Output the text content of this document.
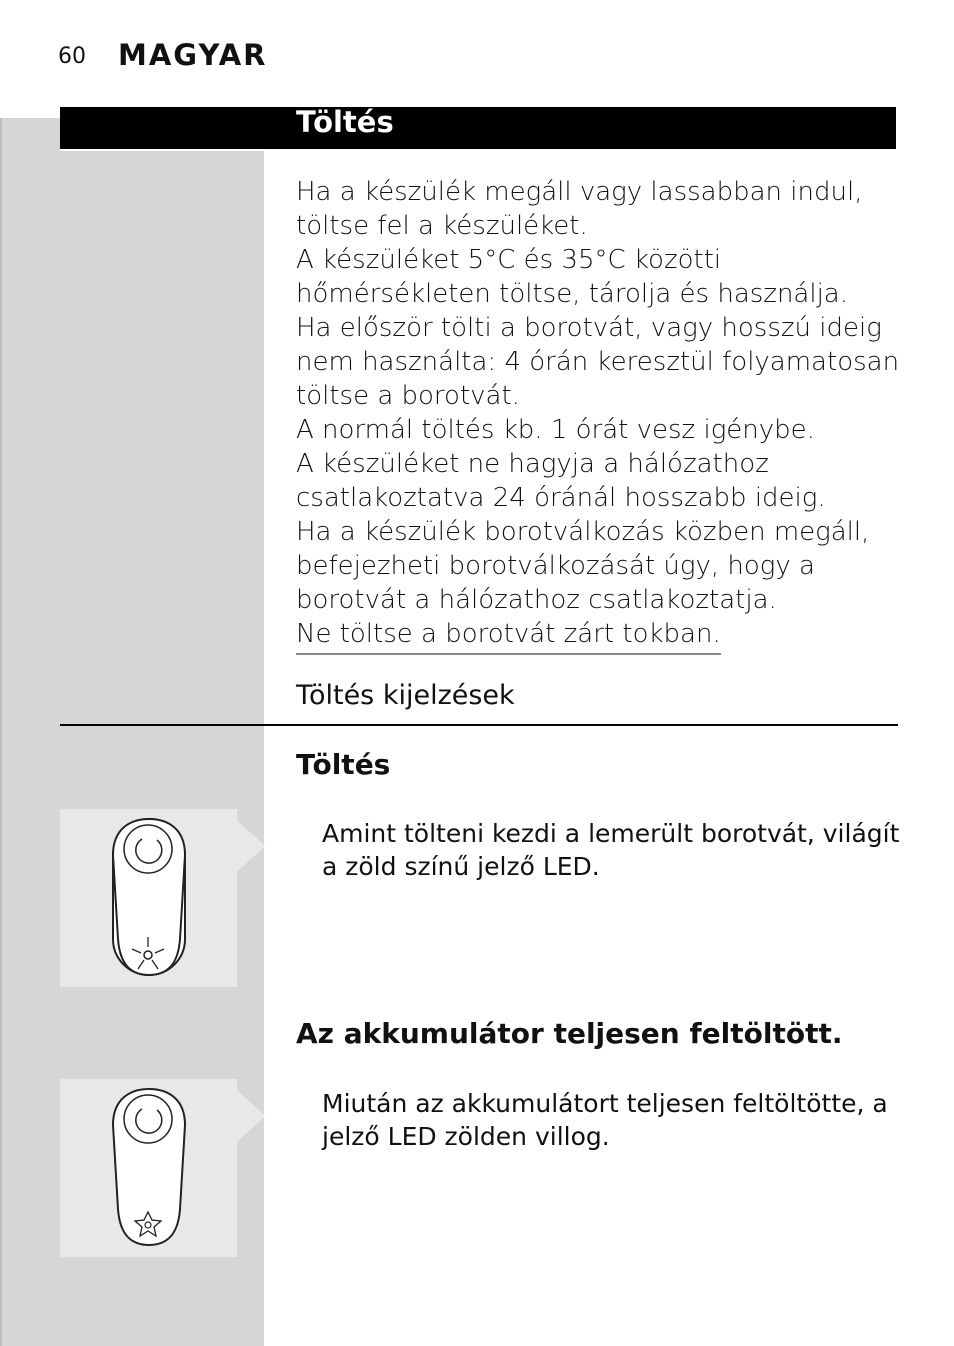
60 MAGYAR
Töltés

Ha a készülék megáll vagy lassabban indul, töltse fel a készüléket.

A készüléket 5°C és 35°C közötti hőmérsékleten töltse, tárolja és használja.

Ha először tölti a borotvát, vagy hosszú ideig nem használta: 4 órán keresztül folyamatosan töltse a borotvát.

A normál töltés kb. 1 órát vesz igénybe.

A készüléket ne hagyja a hálózathoz csatlakoztatva 24 óránál hosszabb ideig.

Ha a készülék borotválkozás közben megáll, befejezheti borotválkozását úgy, hogy a borotvát a hálózathoz csatlakoztatja.

Ne töltse a borotvát zárt tokban.

Töltés kijelzések
Töltés
Amint tölteni kezdi a lemerült borotvát, világít a zöld színű jelző LED.
Az akkumulátor teljesen feltöltött.
Miután az akkumulátort teljesen feltöltötte, a jelző LED zölden villog.
